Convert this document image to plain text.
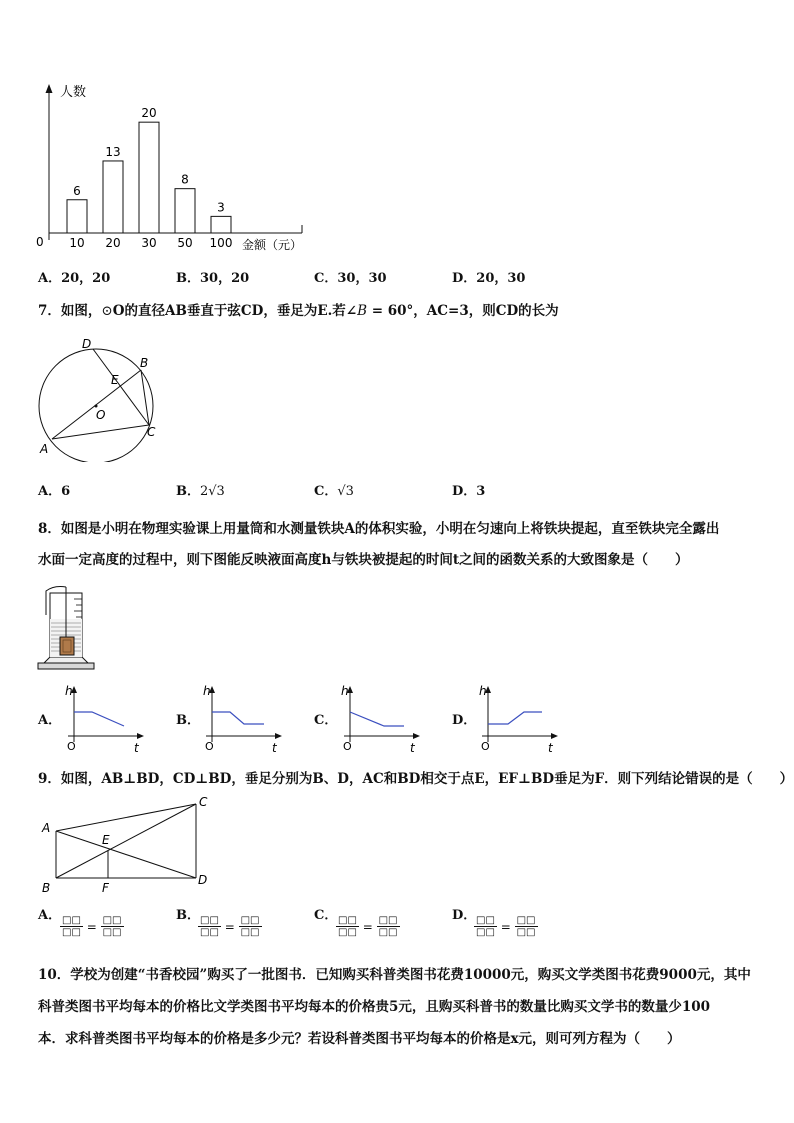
6
10
13
20
20
30
8
50
3
100
人数
0	金额（元）
A．20，20	B．30，20	C．30，30	D．20，30
7．如图，⊙O的直径AB垂直于弦CD，垂足为E.若∠B = 60°，AC=3，则CD的长为
D
B
E
O
A
C
A．6	B．2√3	C．√3	D．3
8．如图是小明在物理实验课上用量筒和水测量铁块A的体积实验，小明在匀速向上将铁块提起，直至铁块完全露出
水面一定高度的过程中，则下图能反映液面高度h与铁块被提起的时间t之间的函数关系的大致图象是（　　）
A．
h
O	t
B．
h
O	t
C．
h
O	t
D．
h
O	t
9．如图，AB⊥BD，CD⊥BD，垂足分别为B、D，AC和BD相交于点E，EF⊥BD垂足为F．则下列结论错误的是（　　）
A
E
C
B	F
D
A．
$\frac{□□}{□□} = \frac{□□}{□□}$	B．
$\frac{□□}{□□} = \frac{□□}{□□}$	C．
$\frac{□□}{□□} = \frac{□□}{□□}$	D．
$\frac{□□}{□□} = \frac{□□}{□□}$
10．学校为创建“书香校园”购买了一批图书．已知购买科普类图书花费10000元，购买文学类图书花费9000元，其中
科普类图书平均每本的价格比文学类图书平均每本的价格贵5元，且购买科普书的数量比购买文学书的数量少100
本．求科普类图书平均每本的价格是多少元？若设科普类图书平均每本的价格是x元，则可列方程为（　　）
